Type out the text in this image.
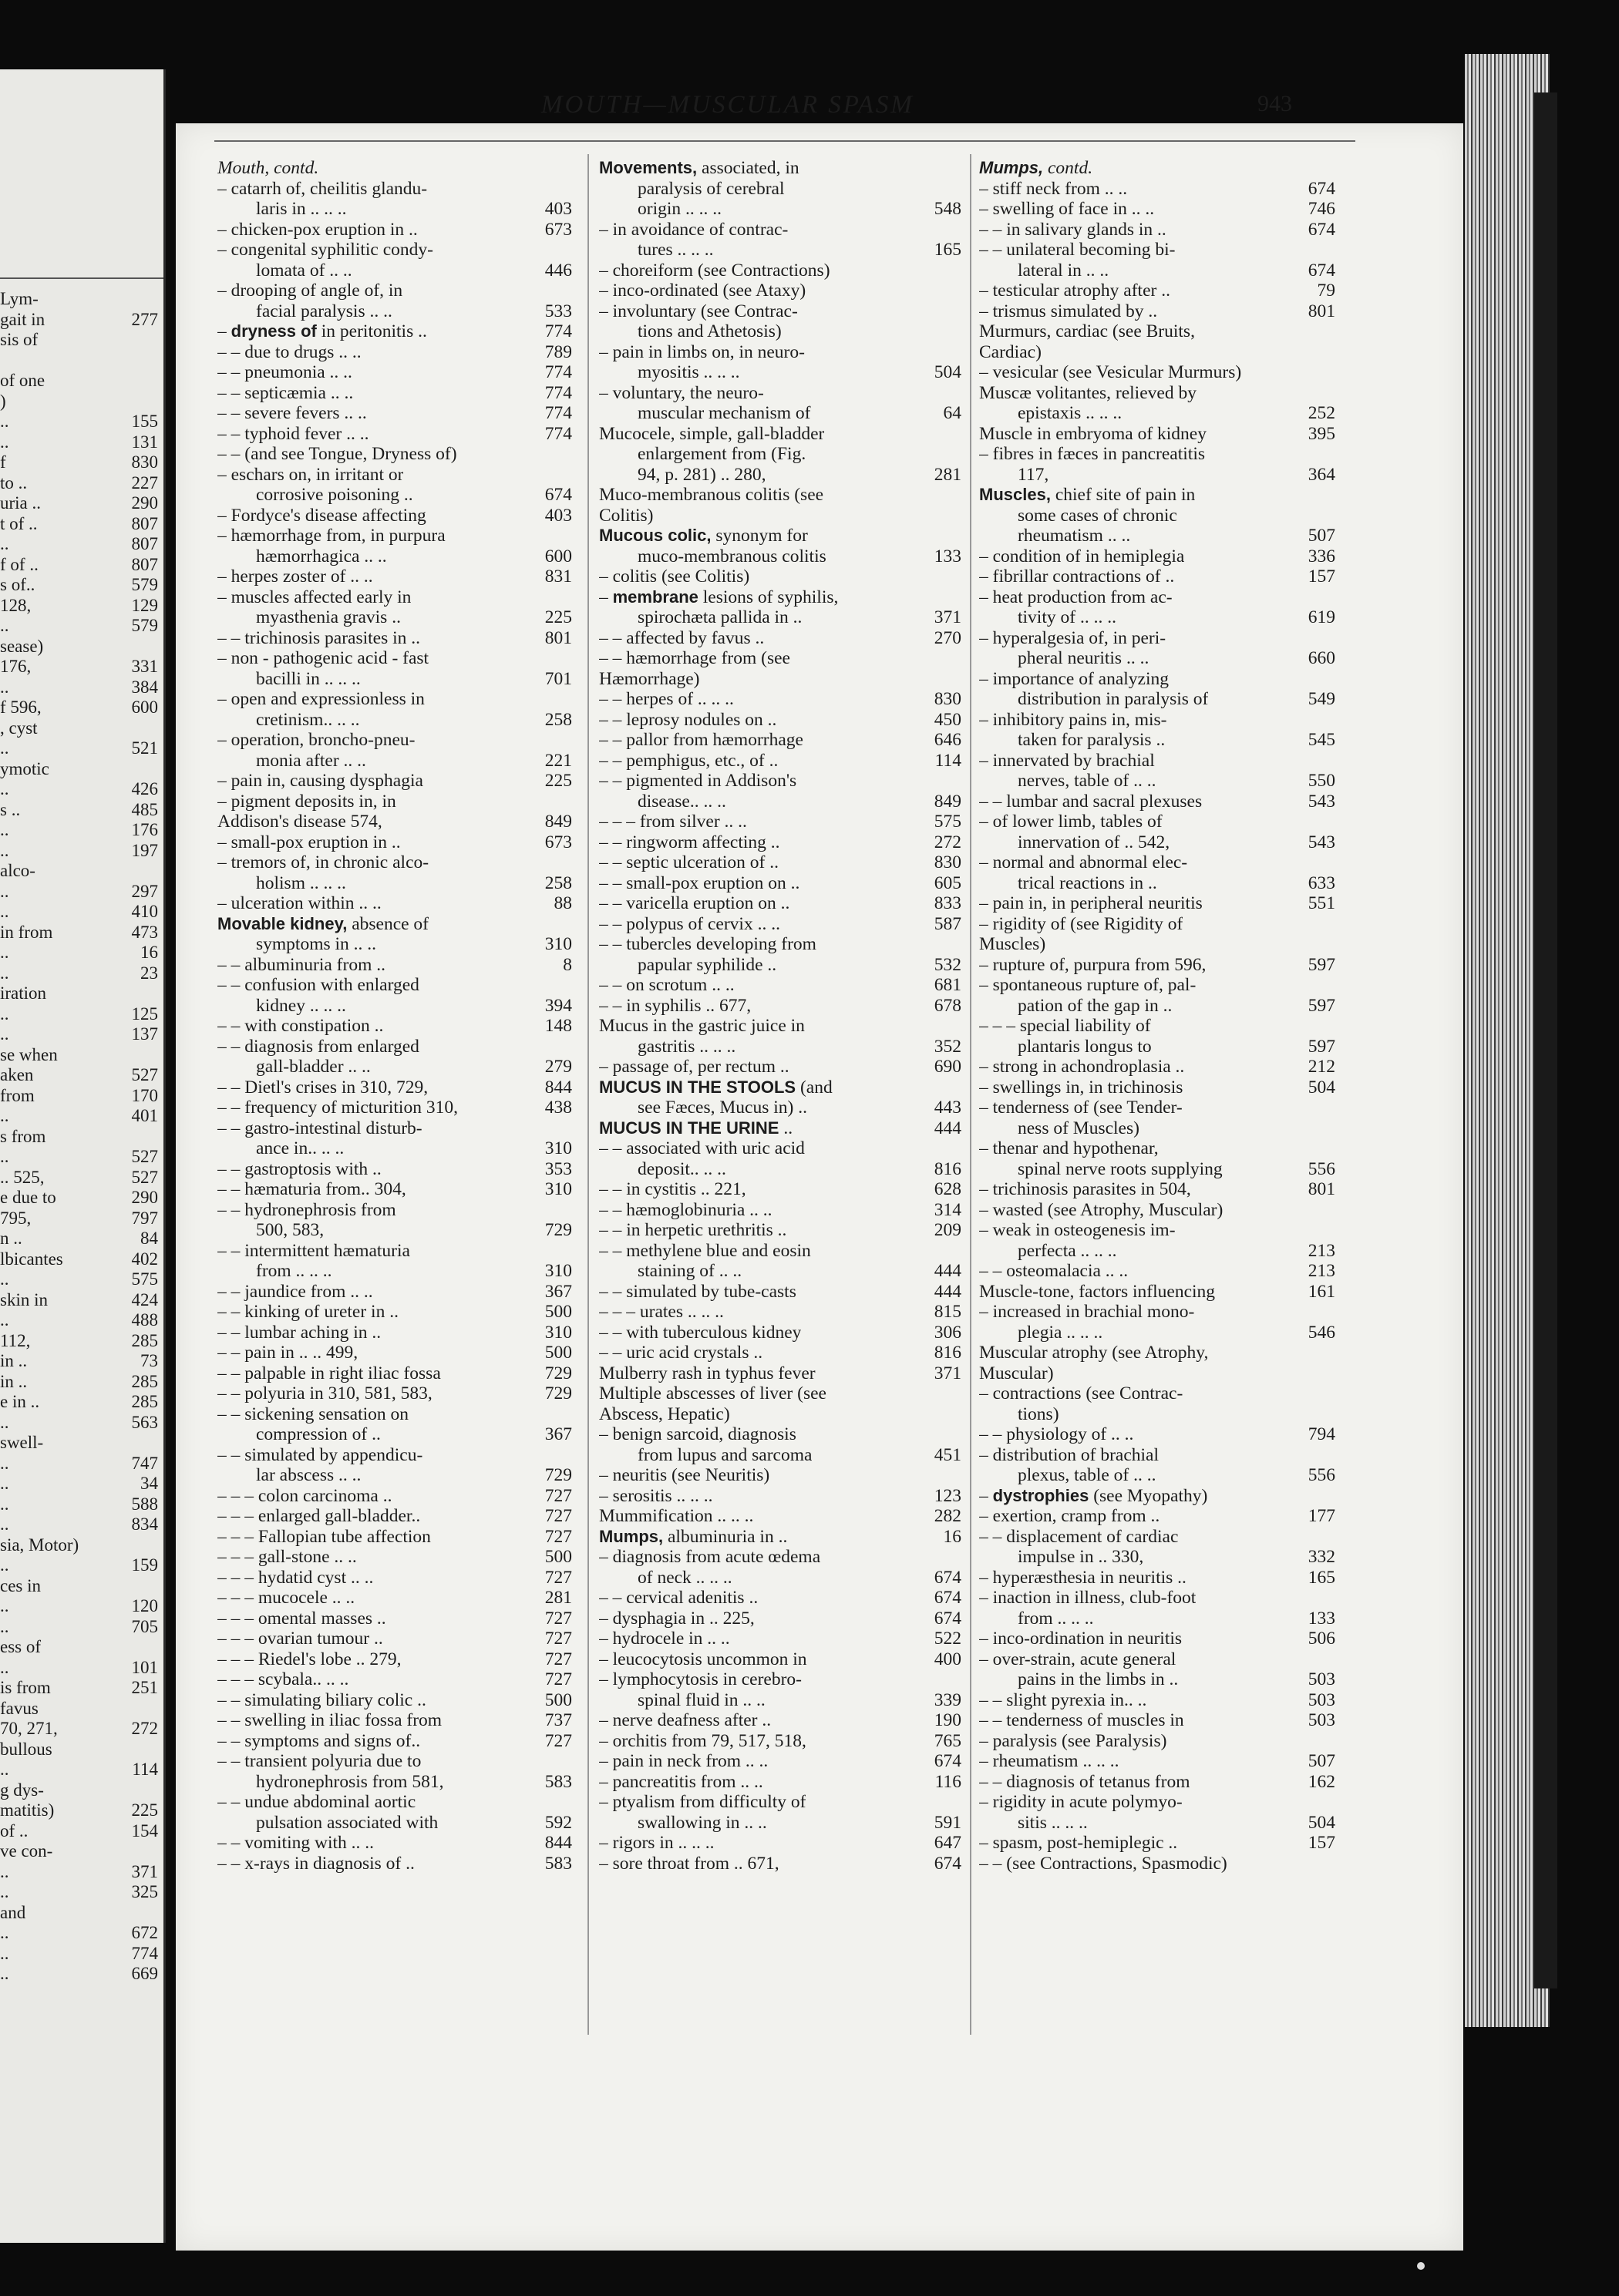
Lym-
gait in	277
sis of
of one
)
..	155
..	131
f	830
to ..	227
uria ..	290
t of ..	807
..	807
f of ..	807
s of..	579
128,	129
..	579
sease)
176,	331
..	384
f 596,	600
, cyst
..	521
ymotic
..	426
s ..	485
..	176
..	197
alco-
..	297
..	410
in from	473
..	16
..	23
iration
..	125
..	137
se when
aken	527
from	170
..	401
s from
..	527
.. 525,	527
e due to	290
795,	797
n ..	84
lbicantes	402
..	575
skin in	424
..	488
112,	285
in ..	73
in ..	285
e in ..	285
..	563
swell-
..	747
..	34
..	588
..	834
sia, Motor)
..	159
ces in
..	120
..	705
ess of
..	101
is from	251
favus
70, 271,	272
bullous
..	114
g dys-
matitis)	225
of ..	154
ve con-
..	371
..	325
and
..	672
..	774
..	669
MOUTH—MUSCULAR SPASM	943
Mouth, contd.
– catarrh of, cheilitis glandu-
laris in .. .. ..	403
– chicken-pox eruption in ..	673
– congenital syphilitic condy-
lomata of .. ..	446
– drooping of angle of, in
facial paralysis .. ..	533
– dryness of in peritonitis ..	774
– – due to drugs .. ..	789
– – pneumonia .. ..	774
– – septicæmia .. ..	774
– – severe fevers .. ..	774
– – typhoid fever .. ..	774
– – (and see Tongue, Dryness of)
– eschars on, in irritant or
corrosive poisoning ..	674
– Fordyce's disease affecting	403
– hæmorrhage from, in purpura
hæmorrhagica .. ..	600
– herpes zoster of .. ..	831
– muscles affected early in
myasthenia gravis ..	225
– – trichinosis parasites in ..	801
– non - pathogenic acid - fast
bacilli in .. .. ..	701
– open and expressionless in
cretinism.. .. ..	258
– operation, broncho-pneu-
monia after .. ..	221
– pain in, causing dysphagia	225
– pigment deposits in, in
Addison's disease 574,	849
– small-pox eruption in ..	673
– tremors of, in chronic alco-
holism .. .. ..	258
– ulceration within .. ..	88
Movable kidney, absence of
symptoms in .. ..	310
– – albuminuria from ..	8
– – confusion with enlarged
kidney .. .. ..	394
– – with constipation ..	148
– – diagnosis from enlarged
gall-bladder .. ..	279
– – Dietl's crises in 310, 729,	844
– – frequency of micturition 310,	438
– – gastro-intestinal disturb-
ance in.. .. ..	310
– – gastroptosis with ..	353
– – hæmaturia from.. 304,	310
– – hydronephrosis from
500, 583,	729
– – intermittent hæmaturia
from .. .. ..	310
– – jaundice from .. ..	367
– – kinking of ureter in ..	500
– – lumbar aching in ..	310
– – pain in .. .. 499,	500
– – palpable in right iliac fossa	729
– – polyuria in 310, 581, 583,	729
– – sickening sensation on
compression of ..	367
– – simulated by appendicu-
lar abscess .. ..	729
– – – colon carcinoma ..	727
– – – enlarged gall-bladder..	727
– – – Fallopian tube affection	727
– – – gall-stone .. ..	500
– – – hydatid cyst .. ..	727
– – – mucocele .. ..	281
– – – omental masses ..	727
– – – ovarian tumour ..	727
– – – Riedel's lobe .. 279,	727
– – – scybala.. .. ..	727
– – simulating biliary colic ..	500
– – swelling in iliac fossa from	737
– – symptoms and signs of..	727
– – transient polyuria due to
hydronephrosis from 581,	583
– – undue abdominal aortic
pulsation associated with	592
– – vomiting with .. ..	844
– – x-rays in diagnosis of ..	583
Movements, associated, in
paralysis of cerebral
origin .. .. ..	548
– in avoidance of contrac-
tures .. .. ..	165
– choreiform (see Contractions)
– inco-ordinated (see Ataxy)
– involuntary (see Contrac-
tions and Athetosis)
– pain in limbs on, in neuro-
myositis .. .. ..	504
– voluntary, the neuro-
muscular mechanism of	64
Mucocele, simple, gall-bladder
enlargement from (Fig.
94, p. 281) .. 280,	281
Muco-membranous colitis (see
Colitis)
Mucous colic, synonym for
muco-membranous colitis	133
– colitis (see Colitis)
– membrane lesions of syphilis,
spirochæta pallida in ..	371
– – affected by favus ..	270
– – hæmorrhage from (see
Hæmorrhage)
– – herpes of .. .. ..	830
– – leprosy nodules on ..	450
– – pallor from hæmorrhage	646
– – pemphigus, etc., of ..	114
– – pigmented in Addison's
disease.. .. ..	849
– – – from silver .. ..	575
– – ringworm affecting ..	272
– – septic ulceration of ..	830
– – small-pox eruption on ..	605
– – varicella eruption on ..	833
– – polypus of cervix .. ..	587
– – tubercles developing from
papular syphilide ..	532
– – on scrotum .. ..	681
– – in syphilis .. 677,	678
Mucus in the gastric juice in
gastritis .. .. ..	352
– passage of, per rectum ..	690
MUCUS IN THE STOOLS (and
see Fæces, Mucus in) ..	443
MUCUS IN THE URINE ..	444
– – associated with uric acid
deposit.. .. ..	816
– – in cystitis .. 221,	628
– – hæmoglobinuria .. ..	314
– – in herpetic urethritis ..	209
– – methylene blue and eosin
staining of .. ..	444
– – simulated by tube-casts	444
– – – urates .. .. ..	815
– – with tuberculous kidney	306
– – uric acid crystals ..	816
Mulberry rash in typhus fever	371
Multiple abscesses of liver (see
Abscess, Hepatic)
– benign sarcoid, diagnosis
from lupus and sarcoma	451
– neuritis (see Neuritis)
– serositis .. .. ..	123
Mummification .. .. ..	282
Mumps, albuminuria in ..	16
– diagnosis from acute œdema
of neck .. .. ..	674
– – cervical adenitis ..	674
– dysphagia in .. 225,	674
– hydrocele in .. ..	522
– leucocytosis uncommon in	400
– lymphocytosis in cerebro-
spinal fluid in .. ..	339
– nerve deafness after ..	190
– orchitis from 79, 517, 518,	765
– pain in neck from .. ..	674
– pancreatitis from .. ..	116
– ptyalism from difficulty of
swallowing in .. ..	591
– rigors in .. .. ..	647
– sore throat from .. 671,	674
Mumps, contd.
– stiff neck from .. ..	674
– swelling of face in .. ..	746
– – in salivary glands in ..	674
– – unilateral becoming bi-
lateral in .. ..	674
– testicular atrophy after ..	79
– trismus simulated by ..	801
Murmurs, cardiac (see Bruits,
Cardiac)
– vesicular (see Vesicular Murmurs)
Muscæ volitantes, relieved by
epistaxis .. .. ..	252
Muscle in embryoma of kidney	395
– fibres in fæces in pancreatitis
117,	364
Muscles, chief site of pain in
some cases of chronic
rheumatism .. ..	507
– condition of in hemiplegia	336
– fibrillar contractions of ..	157
– heat production from ac-
tivity of .. .. ..	619
– hyperalgesia of, in peri-
pheral neuritis .. ..	660
– importance of analyzing
distribution in paralysis of	549
– inhibitory pains in, mis-
taken for paralysis ..	545
– innervated by brachial
nerves, table of .. ..	550
– – lumbar and sacral plexuses	543
– of lower limb, tables of
innervation of .. 542,	543
– normal and abnormal elec-
trical reactions in ..	633
– pain in, in peripheral neuritis	551
– rigidity of (see Rigidity of
Muscles)
– rupture of, purpura from 596,	597
– spontaneous rupture of, pal-
pation of the gap in ..	597
– – – special liability of
plantaris longus to	597
– strong in achondroplasia ..	212
– swellings in, in trichinosis	504
– tenderness of (see Tender-
ness of Muscles)
– thenar and hypothenar,
spinal nerve roots supplying	556
– trichinosis parasites in 504,	801
– wasted (see Atrophy, Muscular)
– weak in osteogenesis im-
perfecta .. .. ..	213
– – osteomalacia .. ..	213
Muscle-tone, factors influencing	161
– increased in brachial mono-
plegia .. .. ..	546
Muscular atrophy (see Atrophy,
Muscular)
– contractions (see Contrac-
tions)
– – physiology of .. ..	794
– distribution of brachial
plexus, table of .. ..	556
– dystrophies (see Myopathy)
– exertion, cramp from ..	177
– – displacement of cardiac
impulse in .. 330,	332
– hyperæsthesia in neuritis ..	165
– inaction in illness, club-foot
from .. .. ..	133
– inco-ordination in neuritis	506
– over-strain, acute general
pains in the limbs in ..	503
– – slight pyrexia in.. ..	503
– – tenderness of muscles in	503
– paralysis (see Paralysis)
– rheumatism .. .. ..	507
– – diagnosis of tetanus from	162
– rigidity in acute polymyo-
sitis .. .. ..	504
– spasm, post-hemiplegic ..	157
– – (see Contractions, Spasmodic)
